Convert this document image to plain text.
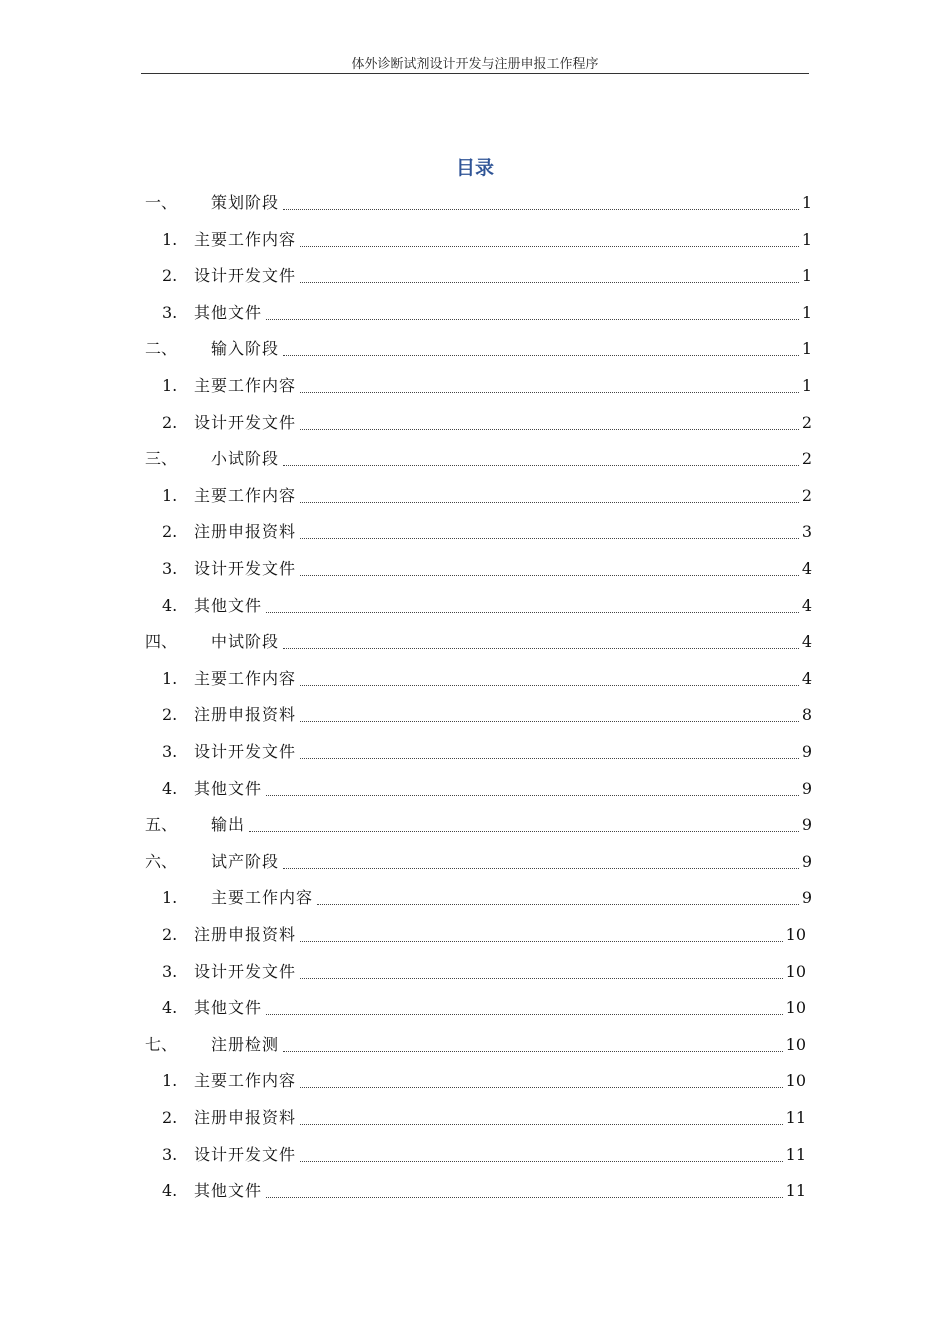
体外诊断试剂设计开发与注册申报工作程序
目录
一、 策划阶段	1
1. 主要工作内容	1
2. 设计开发文件	1
3. 其他文件	1
二、 输入阶段	1
1. 主要工作内容	1
2. 设计开发文件	2
三、 小试阶段	2
1. 主要工作内容	2
2. 注册申报资料	3
3. 设计开发文件	4
4. 其他文件	4
四、 中试阶段	4
1. 主要工作内容	4
2. 注册申报资料	8
3. 设计开发文件	9
4. 其他文件	9
五、 输出	9
六、 试产阶段	9
1. 主要工作内容	9
2. 注册申报资料	10
3. 设计开发文件	10
4. 其他文件	10
七、 注册检测	10
1. 主要工作内容	10
2. 注册申报资料	11
3. 设计开发文件	11
4. 其他文件	11
